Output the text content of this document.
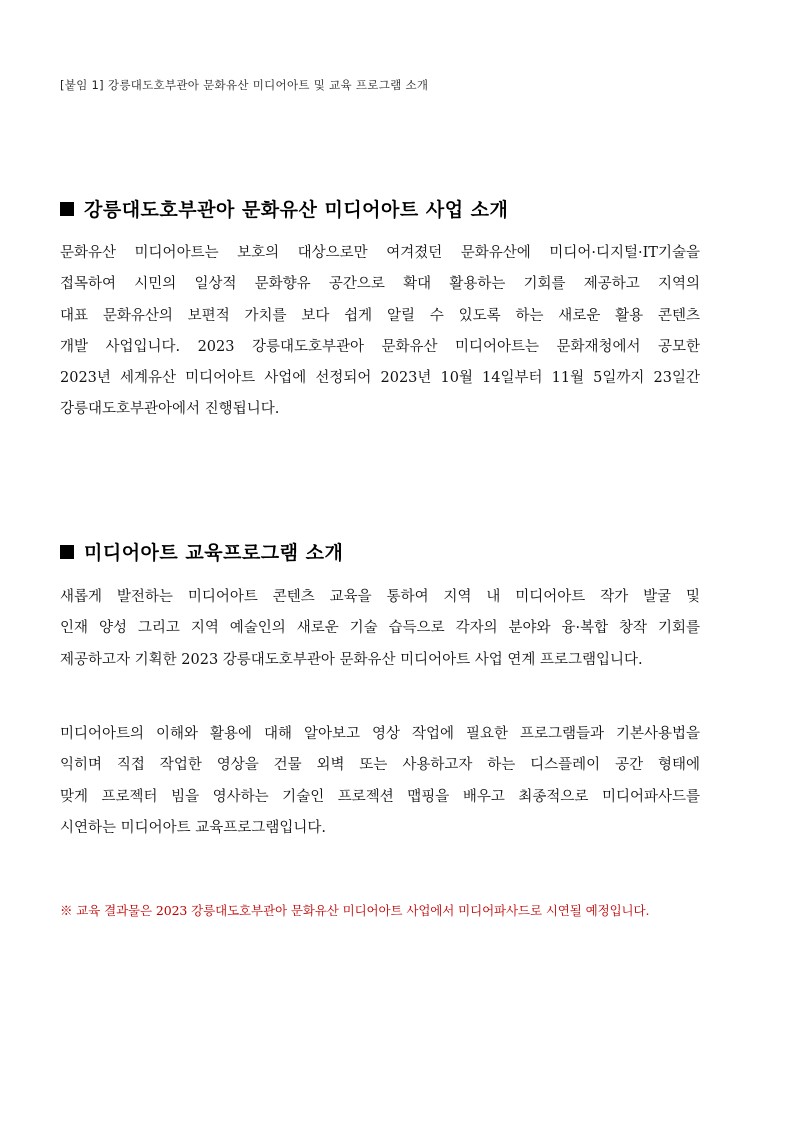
[붙임 1] 강릉대도호부관아 문화유산 미디어아트 및 교육 프로그램 소개
강릉대도호부관아 문화유산 미디어아트 사업 소개
문화유산 미디어아트는 보호의 대상으로만 여겨졌던 문화유산에 미디어·디지털·IT기술을
접목하여 시민의 일상적 문화향유 공간으로 확대 활용하는 기회를 제공하고 지역의
대표 문화유산의 보편적 가치를 보다 쉽게 알릴 수 있도록 하는 새로운 활용 콘텐츠
개발 사업입니다. 2023 강릉대도호부관아 문화유산 미디어아트는 문화재청에서 공모한
2023년 세계유산 미디어아트 사업에 선정되어 2023년 10월 14일부터 11월 5일까지 23일간
강릉대도호부관아에서 진행됩니다.
미디어아트 교육프로그램 소개
새롭게 발전하는 미디어아트 콘텐츠 교육을 통하여 지역 내 미디어아트 작가 발굴 및
인재 양성 그리고 지역 예술인의 새로운 기술 습득으로 각자의 분야와 융·복합 창작 기회를
제공하고자 기획한 2023 강릉대도호부관아 문화유산 미디어아트 사업 연계 프로그램입니다.
미디어아트의 이해와 활용에 대해 알아보고 영상 작업에 필요한 프로그램들과 기본사용법을
익히며 직접 작업한 영상을 건물 외벽 또는 사용하고자 하는 디스플레이 공간 형태에
맞게 프로젝터 빔을 영사하는 기술인 프로젝션 맵핑을 배우고 최종적으로 미디어파사드를
시연하는 미디어아트 교육프로그램입니다.
※ 교육 결과물은 2023 강릉대도호부관아 문화유산 미디어아트 사업에서 미디어파사드로 시연될 예정입니다.
